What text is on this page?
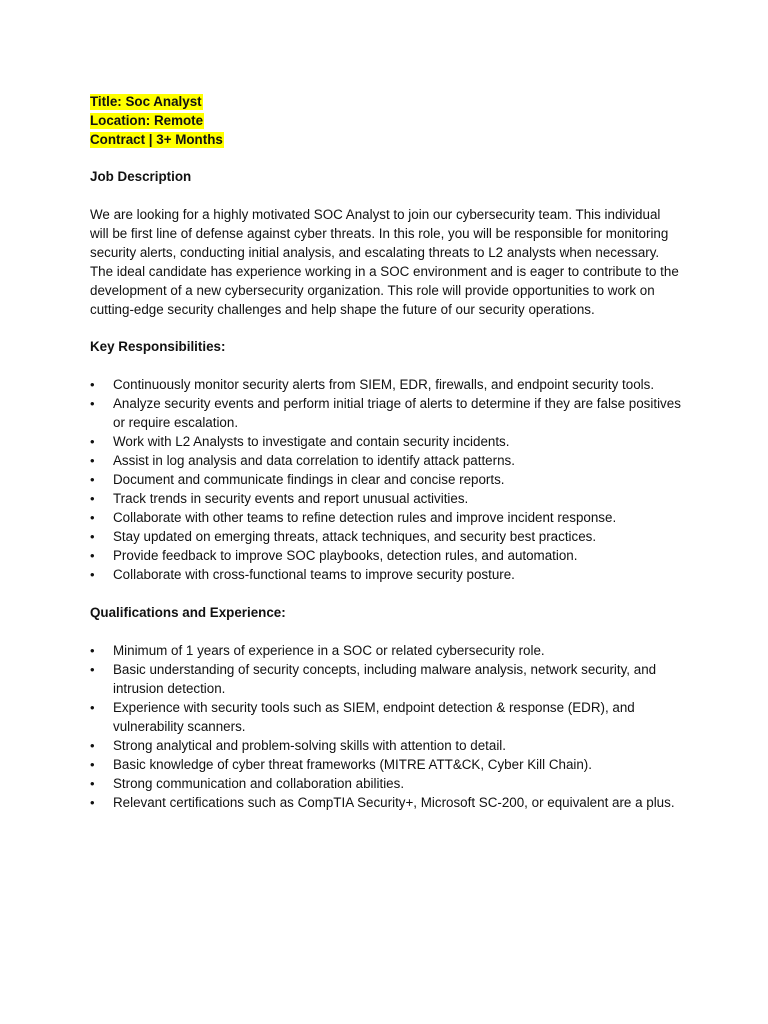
Title: Soc Analyst
Location: Remote
Contract | 3+ Months

Job Description

We are looking for a highly motivated SOC Analyst to join our cybersecurity team. This individual will be first line of defense against cyber threats. In this role, you will be responsible for monitoring security alerts, conducting initial analysis, and escalating threats to L2 analysts when necessary. The ideal candidate has experience working in a SOC environment and is eager to contribute to the development of a new cybersecurity organization. This role will provide opportunities to work on cutting-edge security challenges and help shape the future of our security operations.

Key Responsibilities:

• Continuously monitor security alerts from SIEM, EDR, firewalls, and endpoint security tools.
• Analyze security events and perform initial triage of alerts to determine if they are false positives or require escalation.
• Work with L2 Analysts to investigate and contain security incidents.
• Assist in log analysis and data correlation to identify attack patterns.
• Document and communicate findings in clear and concise reports.
• Track trends in security events and report unusual activities.
• Collaborate with other teams to refine detection rules and improve incident response.
• Stay updated on emerging threats, attack techniques, and security best practices.
• Provide feedback to improve SOC playbooks, detection rules, and automation.
• Collaborate with cross-functional teams to improve security posture.

Qualifications and Experience:

• Minimum of 1 years of experience in a SOC or related cybersecurity role.
• Basic understanding of security concepts, including malware analysis, network security, and intrusion detection.
• Experience with security tools such as SIEM, endpoint detection & response (EDR), and vulnerability scanners.
• Strong analytical and problem-solving skills with attention to detail.
• Basic knowledge of cyber threat frameworks (MITRE ATT&CK, Cyber Kill Chain).
• Strong communication and collaboration abilities.
• Relevant certifications such as CompTIA Security+, Microsoft SC-200, or equivalent are a plus.
